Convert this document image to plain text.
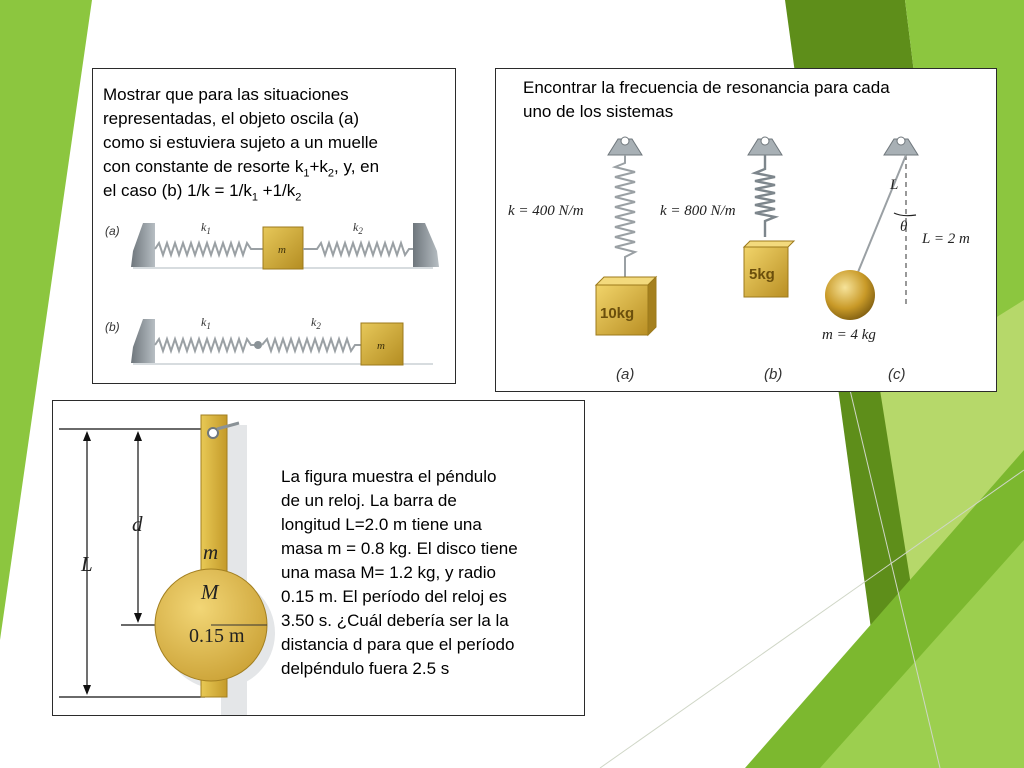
Mostrar que para las situaciones
representadas, el objeto oscila (a)
como si estuviera sujeto a un muelle
con constante de resorte $k_1+k_2$, y, en
el caso (b) $1/k = 1/k_1 +1/k_2$
(a)	$k_1$	$k_2$
m
(b)	$k_1$	$k_2$
m
Encontrar la frecuencia de resonancia para cada
uno de los sistemas
k = 400 N/m
10kg
k = 800 N/m
5kg
L
θ
L = 2 m
m = 4 kg
(a)	(b)	(c)
d
L	m
M
0.15 m
La figura muestra el péndulo
de un reloj. La barra de
longitud L=2.0 m tiene una
masa m = 0.8 kg. El disco tiene
una masa M= 1.2 kg, y radio
0.15 m. El período del reloj es
3.50 s. ¿Cuál debería ser la la
distancia d para que el período
delpéndulo fuera 2.5 s
